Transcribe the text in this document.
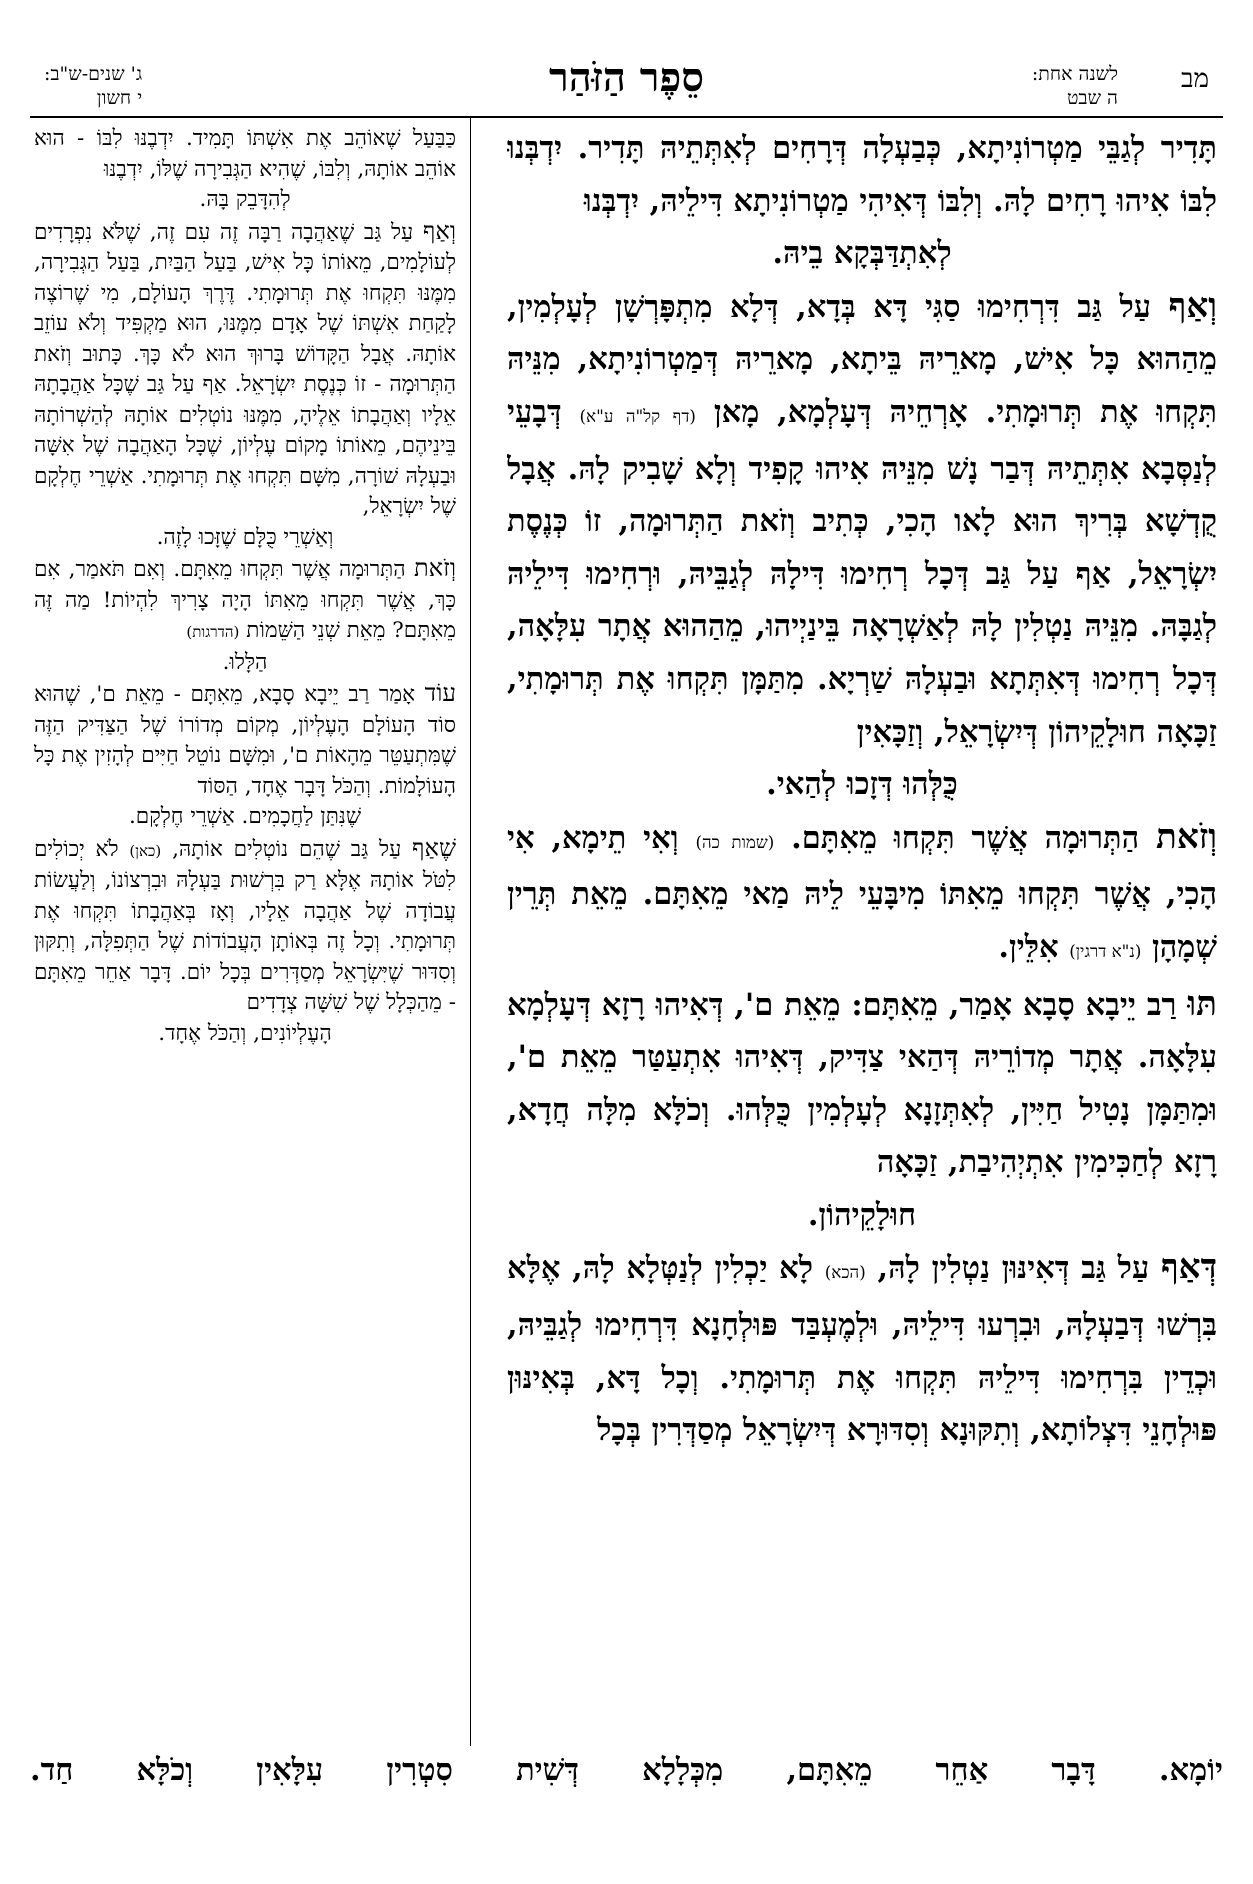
מב
לשנה אחת:
ה שבט
סֵפֶר הַזֹּהַר
ג' שנים-ש"ב:
י חשון

תָּדִיר לְגַבֵּי מַטְרוֹנִיתָא, כְּבַעְלָה דְּרָחִים לְאִתְּתֵיהּ תָּדִיר. יִדְבְּנוּ לִבּוֹ אִיהוּ רָחִים לָהּ. וְלִבּוֹ דְּאִיהִי מַטְרוֹנִיתָא דִּילֵיהּ, יִדְבְּנוּ

לְאִתְדַּבְּקָא בֵיהּ.

וְאַף עַל גַּב דִּרְחִימוּ סַגִּי דָּא בְּדָא, דְּלָא מִתְפָּרְשָׁן לְעָלְמִין, מֵהַהוּא כָּל אִישׁ, מָארֵיהּ בֵּיתָא, מָארֵיהּ דְּמַטְרוֹנִיתָא, מִנֵּיהּ תִּקְחוּ אֶת תְּרוּמָתִי. אָרְחֵיהּ דְּעָלְמָא, מָאן (דף קל"ה ע"א) דְּבָעֵי לְנַסְּבָא אִתְּתֵיהּ דְּבַר נָשׁ מִנֵּיהּ אִיהוּ קָפִיד וְלָא שָׁבִיק לָהּ. אֲבָל קֻדְשָׁא בְּרִיךְ הוּא לָאו הָכִי, כְּתִיב וְזֹאת הַתְּרוּמָה, זוֹ כְּנֶסֶת יִשְׂרָאֵל, אַף עַל גַּב דְּכָל רְחִימוּ דִּילָהּ לְגַבֵּיהּ, וּרְחִימוּ דִּילֵיהּ לְגַבָּהּ. מִנֵּיהּ נַטְלִין לָהּ לְאַשְׁרָאָה בֵּינַיְיהוּ, מֵהַהוּא אֲתָר עִלָּאָה, דְּכָל רְחִימוּ דְּאִתְּתָא וּבַעְלָהּ שַׁרְיָא. מִתַּמָּן תִּקְחוּ אֶת תְּרוּמָתִי, זַכָּאָה חוּלָקֵיהוֹן דְּיִשְׂרָאֵל, וְזַכָּאִין

כֻּלְּהוּ דְּזָכוּ לְהַאי.

וְזֹאת הַתְּרוּמָה אֲשֶׁר תִּקְחוּ מֵאִתָּם. (שמות כה) וְאִי תֵימָא, אִי הָכִי, אֲשֶׁר תִּקְחוּ מֵאִתּוֹ מִיבָּעֵי לֵיהּ מַאי מֵאִתָּם. מֵאֵת תְּרֵין שְׁמָהָן (נ"א דרגין) אִלֵּין.

תּוּ רַב יֵיבָא סָבָא אָמַר, מֵאִתָּם: מֵאֵת ם', דְּאִיהוּ רָזָא דְּעָלְמָא עִלָּאָה. אֲתָר מְדוֹרֵיהּ דְּהַאי צַדִּיק, דְּאִיהוּ אִתְעַטַּר מֵאֵת ם', וּמִתַּמָּן נָטִיל חַיִּין, לְאִתְּזָנָא לְעָלְמִין כֻּלְּהוּ. וְכֹלָּא מִלָּה חֲדָא, רָזָא לְחַכִּימִין אִתְיְהִיבַת, זַכָּאָה

חוּלָקֵיהוֹן.

דְּאַף עַל גַּב דְּאִינּוּן נַטְלִין לָהּ, (הכא) לָא יַכְלִין לְנַטְּלָא לָהּ, אֶלָּא בִּרְשׁוּ דְּבַעְלָהּ, וּבִרְעוּ דִּילֵיהּ, וּלְמֶעְבַּד פּוּלְחָנָא דִּרְחִימוּ לְגַבֵּיהּ, וּכְדֵין בִּרְחִימוּ דִּילֵיהּ תִּקְחוּ אֶת תְּרוּמָתִי. וְכָל דָּא, בְּאִינּוּן פּוּלְחָנֵי דִּצְלוֹתָא, וְתִקּוּנָא וְסִדּוּרָא דְּיִשְׂרָאֵל מְסַדְּרִין בְּכָל

כַּבַּעַל שֶׁאוֹהֵב אֶת אִשְׁתּוֹ תָּמִיד. יִדְבֶנּוּ לִבּוֹ - הוּא אוֹהֵב אוֹתָהּ, וְלִבּוֹ, שֶׁהִיא הַגְּבִירָה שֶׁלּוֹ, יִדְבֶנּוּ

לְהִדָּבֵק בָּהּ.

וְאַף עַל גַּב שֶׁאַהֲבָה רַבָּה זֶה עִם זֶה, שֶׁלֹּא נִפְרָדִים לְעוֹלָמִים, מֵאוֹתוֹ כָּל אִישׁ, בַּעַל הַבַּיִת, בַּעַל הַגְּבִירָה, מִמֶּנּוּ תִּקְחוּ אֶת תְּרוּמָתִי. דֶּרֶךְ הָעוֹלָם, מִי שֶׁרוֹצֶה לָקַחַת אִשְׁתּוֹ שֶׁל אָדָם מִמֶּנּוּ, הוּא מַקְפִּיד וְלֹא עוֹזֵב אוֹתָהּ. אֲבָל הַקָּדוֹשׁ בָּרוּךְ הוּא לֹא כָּךְ. כָּתוּב וְזֹאת הַתְּרוּמָה - זוֹ כְּנֶסֶת יִשְׂרָאֵל. אַף עַל גַּב שֶׁכָּל אַהֲבָתָהּ אֵלָיו וְאַהֲבָתוֹ אֵלֶיהָ, מִמֶּנּוּ נוֹטְלִים אוֹתָהּ לְהַשְׁרוֹתָהּ בֵּינֵיהֶם, מֵאוֹתוֹ מָקוֹם עֶלְיוֹן, שֶׁכָּל הָאַהֲבָה שֶׁל אִשָּׁה וּבַעְלָהּ שׁוֹרָה, מִשָּׁם תִּקְחוּ אֶת תְּרוּמָתִי. אַשְׁרֵי חֶלְקָם שֶׁל יִשְׂרָאֵל,

וְאַשְׁרֵי כֻּלָּם שֶׁזָּכוּ לָזֶה.

וְזֹאת הַתְּרוּמָה אֲשֶׁר תִּקְחוּ מֵאִתָּם. וְאִם תֹּאמַר, אִם כָּךְ, אֲשֶׁר תִּקְחוּ מֵאִתּוֹ הָיָה צָרִיךְ לִהְיוֹת! מַה זֶּה מֵאִתָּם? מֵאֵת שְׁנֵי הַשֵּׁמוֹת (הדרגות)

הַלָּלוּ.

עוֹד אָמַר רַב יֵיבָא סָבָא, מֵאִתָּם - מֵאֵת ם', שֶׁהוּא סוֹד הָעוֹלָם הָעֶלְיוֹן, מְקוֹם מְדוֹרוֹ שֶׁל הַצַּדִּיק הַזֶּה שֶׁמִּתְעַטֵּר מֵהָאוֹת ם', וּמִשָּׁם נוֹטֵל חַיִּים לְהָזִין אֶת כָּל הָעוֹלָמוֹת. וְהַכֹּל דָּבָר אֶחָד, הַסּוֹד

שֶׁנִּתַּן לַחֲכָמִים. אַשְׁרֵי חֶלְקָם.

שֶׁאַף עַל גַּב שֶׁהֵם נוֹטְלִים אוֹתָהּ, (כאן) לֹא יְכוֹלִים לִטֹּל אוֹתָהּ אֶלָּא רַק בִּרְשׁוּת בַּעְלָהּ וּבִרְצוֹנוֹ, וְלַעֲשׂוֹת עֲבוֹדָה שֶׁל אַהֲבָה אֵלָיו, וְאָז בְּאַהֲבָתוֹ תִּקְחוּ אֶת תְּרוּמָתִי. וְכָל זֶה בְּאוֹתָן הָעֲבוֹדוֹת שֶׁל הַתְּפִלָּה, וְתִקּוּן וְסִדּוּר שֶׁיִּשְׂרָאֵל מְסַדְּרִים בְּכָל יוֹם. דָּבָר אַחֵר מֵאִתָּם - מֵהַכְּלָל שֶׁל שִׁשָּׁה צְדָדִים

הָעֶלְיוֹנִים, וְהַכֹּל אֶחָד.

יוֹמָא. דָּבָר אַחֵר מֵאִתָּם, מִכְּלָלָא דְּשִׁית סִטְרִין עִלָּאִין וְכֹלָּא חַד.
